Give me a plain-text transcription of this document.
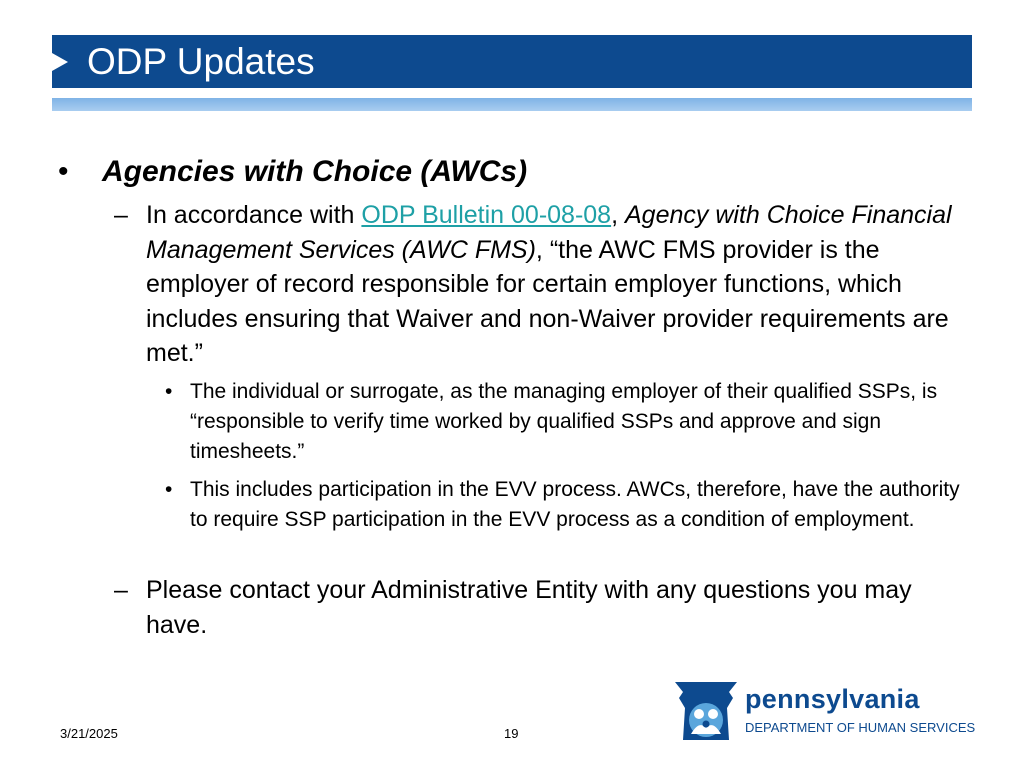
ODP Updates
• Agencies with Choice (AWCs)
– In accordance with ODP Bulletin 00-08-08, Agency with Choice Financial Management Services (AWC FMS), “the AWC FMS provider is the employer of record responsible for certain employer functions, which includes ensuring that Waiver and non-Waiver provider requirements are met.”
• The individual or surrogate, as the managing employer of their qualified SSPs, is “responsible to verify time worked by qualified SSPs and approve and sign timesheets.”
• This includes participation in the EVV process. AWCs, therefore, have the authority to require SSP participation in the EVV process as a condition of employment.
– Please contact your Administrative Entity with any questions you may have.
3/21/2025	19
pennsylvania
DEPARTMENT OF HUMAN SERVICES
